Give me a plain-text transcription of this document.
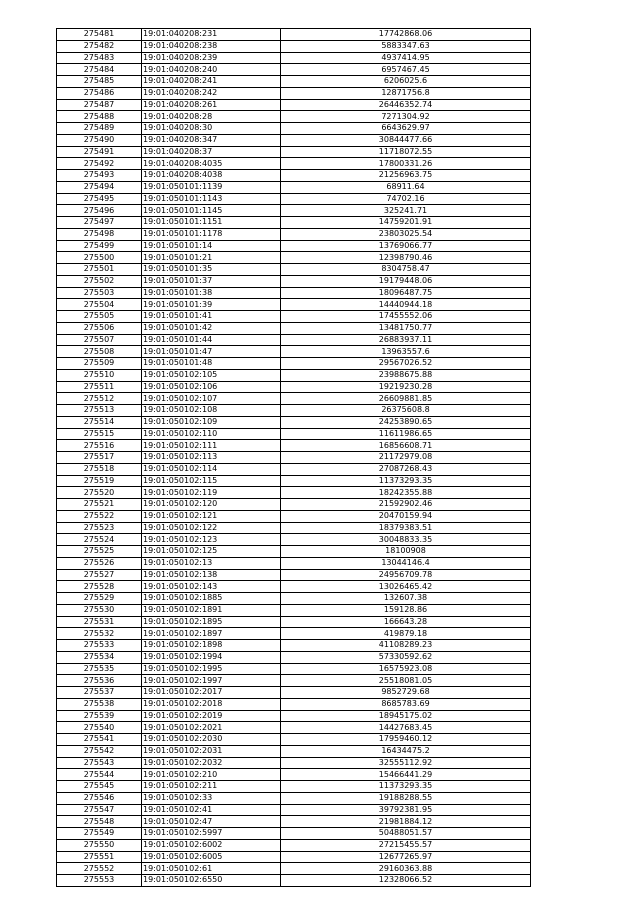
275481	19:01:040208:231	17742868.06
275482	19:01:040208:238	5883347.63
275483	19:01:040208:239	4937414.95
275484	19:01:040208:240	6957467.45
275485	19:01:040208:241	6206025.6
275486	19:01:040208:242	12871756.8
275487	19:01:040208:261	26446352.74
275488	19:01:040208:28	7271304.92
275489	19:01:040208:30	6643629.97
275490	19:01:040208:347	30844477.66
275491	19:01:040208:37	11718072.55
275492	19:01:040208:4035	17800331.26
275493	19:01:040208:4038	21256963.75
275494	19:01:050101:1139	68911.64
275495	19:01:050101:1143	74702.16
275496	19:01:050101:1145	325241.71
275497	19:01:050101:1151	14759201.91
275498	19:01:050101:1178	23803025.54
275499	19:01:050101:14	13769066.77
275500	19:01:050101:21	12398790.46
275501	19:01:050101:35	8304758.47
275502	19:01:050101:37	19179448.06
275503	19:01:050101:38	18096487.75
275504	19:01:050101:39	14440944.18
275505	19:01:050101:41	17455552.06
275506	19:01:050101:42	13481750.77
275507	19:01:050101:44	26883937.11
275508	19:01:050101:47	13963557.6
275509	19:01:050101:48	29567026.52
275510	19:01:050102:105	23988675.88
275511	19:01:050102:106	19219230.28
275512	19:01:050102:107	26609881.85
275513	19:01:050102:108	26375608.8
275514	19:01:050102:109	24253890.65
275515	19:01:050102:110	11611986.65
275516	19:01:050102:111	16856608.71
275517	19:01:050102:113	21172979.08
275518	19:01:050102:114	27087268.43
275519	19:01:050102:115	11373293.35
275520	19:01:050102:119	18242355.88
275521	19:01:050102:120	21592902.46
275522	19:01:050102:121	20470159.94
275523	19:01:050102:122	18379383.51
275524	19:01:050102:123	30048833.35
275525	19:01:050102:125	18100908
275526	19:01:050102:13	13044146.4
275527	19:01:050102:138	24956709.78
275528	19:01:050102:143	13026465.42
275529	19:01:050102:1885	132607.38
275530	19:01:050102:1891	159128.86
275531	19:01:050102:1895	166643.28
275532	19:01:050102:1897	419879.18
275533	19:01:050102:1898	41108289.23
275534	19:01:050102:1994	57330592.62
275535	19:01:050102:1995	16575923.08
275536	19:01:050102:1997	25518081.05
275537	19:01:050102:2017	9852729.68
275538	19:01:050102:2018	8685783.69
275539	19:01:050102:2019	18945175.02
275540	19:01:050102:2021	14427683.45
275541	19:01:050102:2030	17959460.12
275542	19:01:050102:2031	16434475.2
275543	19:01:050102:2032	32555112.92
275544	19:01:050102:210	15466441.29
275545	19:01:050102:211	11373293.35
275546	19:01:050102:33	19188288.55
275547	19:01:050102:41	39792381.95
275548	19:01:050102:47	21981884.12
275549	19:01:050102:5997	50488051.57
275550	19:01:050102:6002	27215455.57
275551	19:01:050102:6005	12677265.97
275552	19:01:050102:61	29160363.88
275553	19:01:050102:6550	12328066.52
